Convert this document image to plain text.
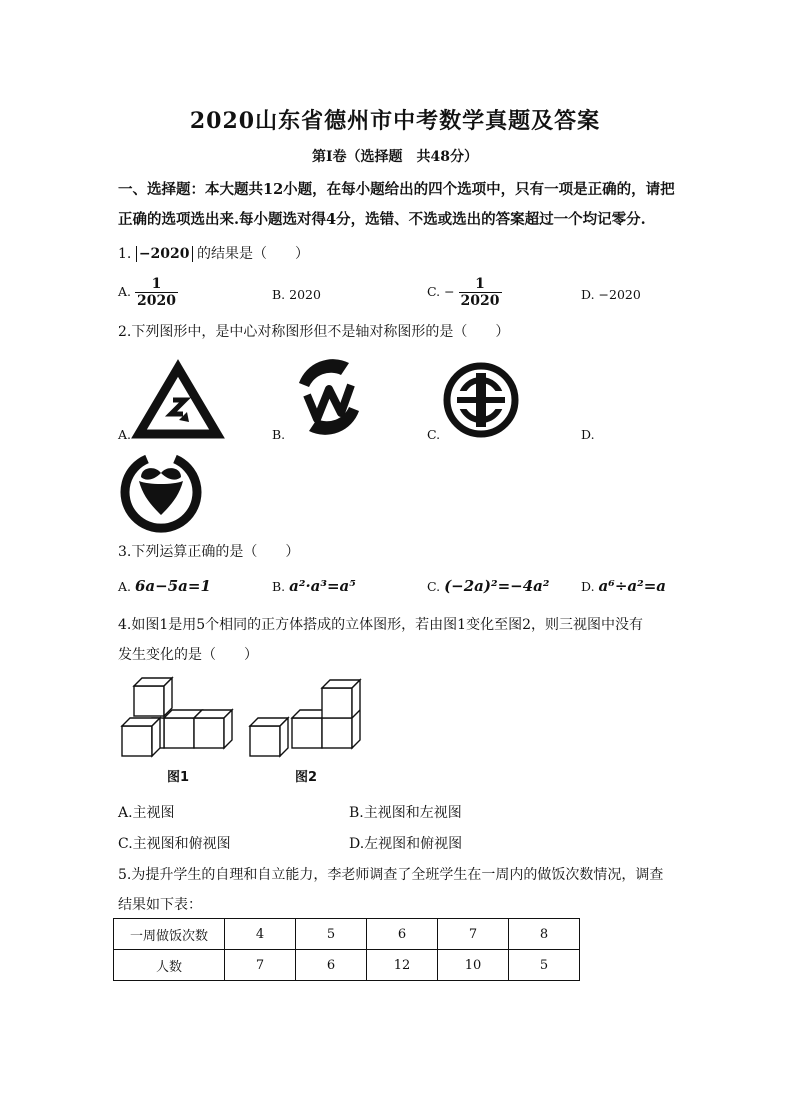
2020山东省德州市中考数学真题及答案
第Ⅰ卷（选择题　共48分）
一、选择题：本大题共12小题，在每小题给出的四个选项中，只有一项是正确的，请把
正确的选项选出来.每小题选对得4分，选错、不选或选出的答案超过一个均记零分.
1. −2020 的结果是（　　）
A. $\frac{1}{2020}$	B. 2020	C. − $\frac{1}{2020}$	D. −2020
2.下列图形中，是中心对称图形但不是轴对称图形的是（　　）
A.	B.	C.	D.
3.下列运算正确的是（　　）
A. 6a−5a=1	B. a²·a³=a⁵	C. (−2a)²=−4a²	D. a⁶÷a²=a
4.如图1是用5个相同的正方体搭成的立体图形，若由图1变化至图2，则三视图中没有
发生变化的是（　　）
图1	图2
A.主视图	B.主视图和左视图
C.主视图和俯视图	D.左视图和俯视图
5.为提升学生的自理和自立能力，李老师调查了全班学生在一周内的做饭次数情况，调查
结果如下表：
一周做饭次数	4	5	6	7	8
人数	7	6	12	10	5
